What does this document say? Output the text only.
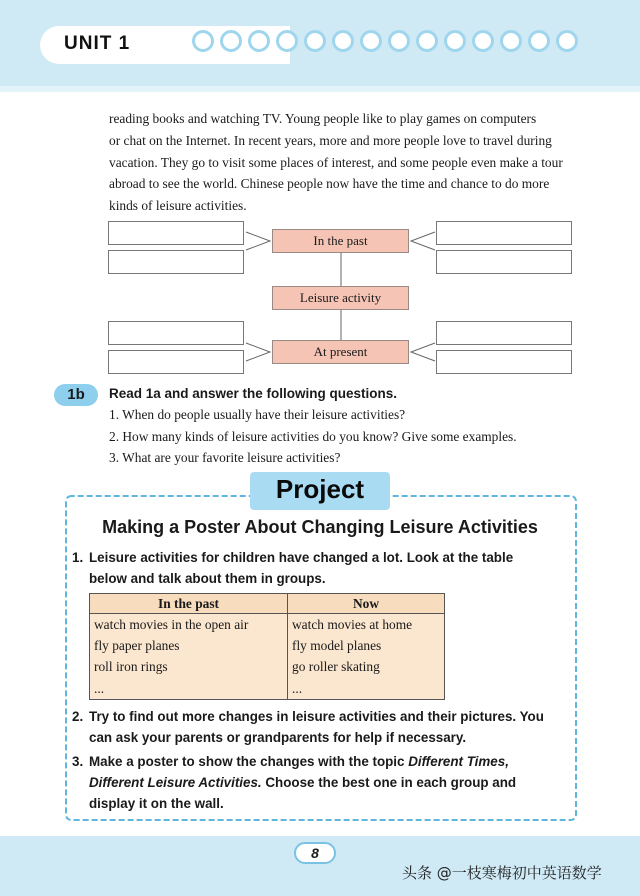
UNIT 1
reading books and watching TV. Young people like to play games on computers
or chat on the Internet. In recent years, more and more people love to travel during
vacation. They go to visit some places of interest, and some people even make a tour
abroad to see the world. Chinese people now have the time and chance to do more
kinds of leisure activities.
In the past
Leisure activity
At present
1b	Read 1a and answer the following questions.
1. When do people usually have their leisure activities?
2. How many kinds of leisure activities do you know? Give some examples.
3. What are your favorite leisure activities?
Project
Making a Poster About Changing Leisure Activities
1. Leisure activities for children have changed a lot. Look at the table
below and talk about them in groups.
In the past	Now
watch movies in the open air	watch movies at home
fly paper planes	fly model planes
roll iron rings	go roller skating
...	...
2. Try to find out more changes in leisure activities and their pictures. You
can ask your parents or grandparents for help if necessary.
3. Make a poster to show the changes with the topic Different Times,
Different Leisure Activities. Choose the best one in each group and
display it on the wall.
8
头条 @一枝寒梅初中英语数学
